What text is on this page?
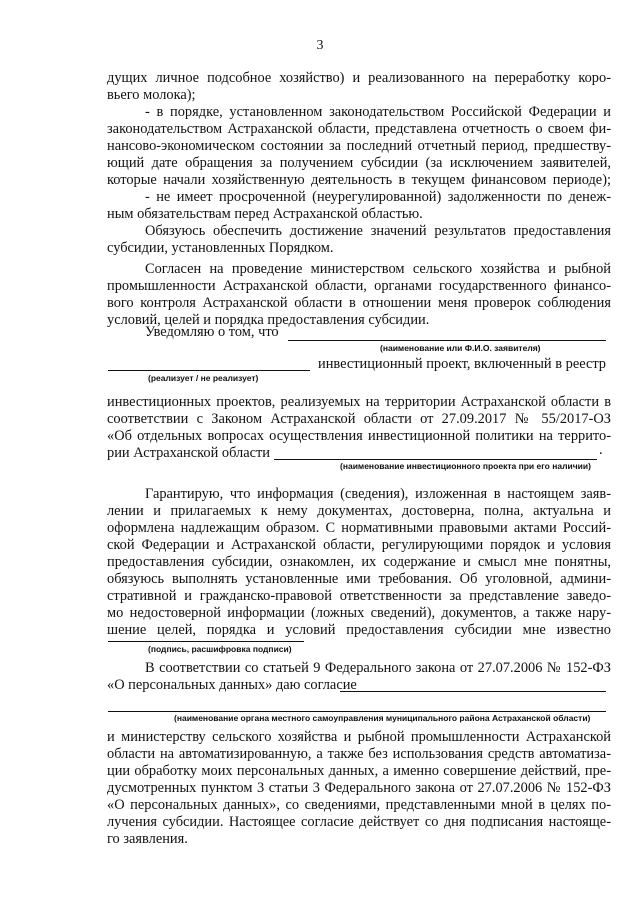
3
дущих личное подсобное хозяйство) и реализованного на переработку коро-
вьего молока);
- в порядке, установленном законодательством Российской Федерации и
законодательством Астраханской области, представлена отчетность о своем фи-
нансово-экономическом состоянии за последний отчетный период, предшеству-
ющий дате обращения за получением субсидии (за исключением заявителей,
которые начали хозяйственную деятельность в текущем финансовом периоде);
- не имеет просроченной (неурегулированной) задолженности по денеж-
ным обязательствам перед Астраханской областью.
Обязуюсь обеспечить достижение значений результатов предоставления
субсидии, установленных Порядком.
Согласен на проведение министерством сельского хозяйства и рыбной
промышленности Астраханской области, органами государственного финансо-
вого контроля Астраханской области в отношении меня проверок соблюдения
условий, целей и порядка предоставления субсидии.
Уведомляю о том, что
(наименование или Ф.И.О. заявителя)
инвестиционный проект, включенный в реестр
(реализует / не реализует)
инвестиционных проектов, реализуемых на территории Астраханской области в
соответствии с Законом Астраханской области от 27.09.2017 № 55/2017-ОЗ
«Об отдельных вопросах осуществления инвестиционной политики на террито-
рии Астраханской области	.
(наименование инвестиционного проекта при его наличии)
Гарантирую, что информация (сведения), изложенная в настоящем заяв-
лении и прилагаемых к нему документах, достоверна, полна, актуальна и
оформлена надлежащим образом. С нормативными правовыми актами Россий-
ской Федерации и Астраханской области, регулирующими порядок и условия
предоставления субсидии, ознакомлен, их содержание и смысл мне понятны,
обязуюсь выполнять установленные ими требования. Об уголовной, админи-
стративной и гражданско-правовой ответственности за представление заведо-
мо недостоверной информации (ложных сведений), документов, а также нару-
шение целей, порядка и условий предоставления субсидии мне известно
(подпись, расшифровка подписи)
В соответствии со статьей 9 Федерального закона от 27.07.2006 № 152-ФЗ
«О персональных данных» даю согласие
(наименование органа местного самоуправления муниципального района Астраханской области)
и министерству сельского хозяйства и рыбной промышленности Астраханской
области на автоматизированную, а также без использования средств автоматиза-
ции обработку моих персональных данных, а именно совершение действий, пре-
дусмотренных пунктом 3 статьи 3 Федерального закона от 27.07.2006 № 152-ФЗ
«О персональных данных», со сведениями, представленными мной в целях по-
лучения субсидии. Настоящее согласие действует со дня подписания настояще-
го заявления.
